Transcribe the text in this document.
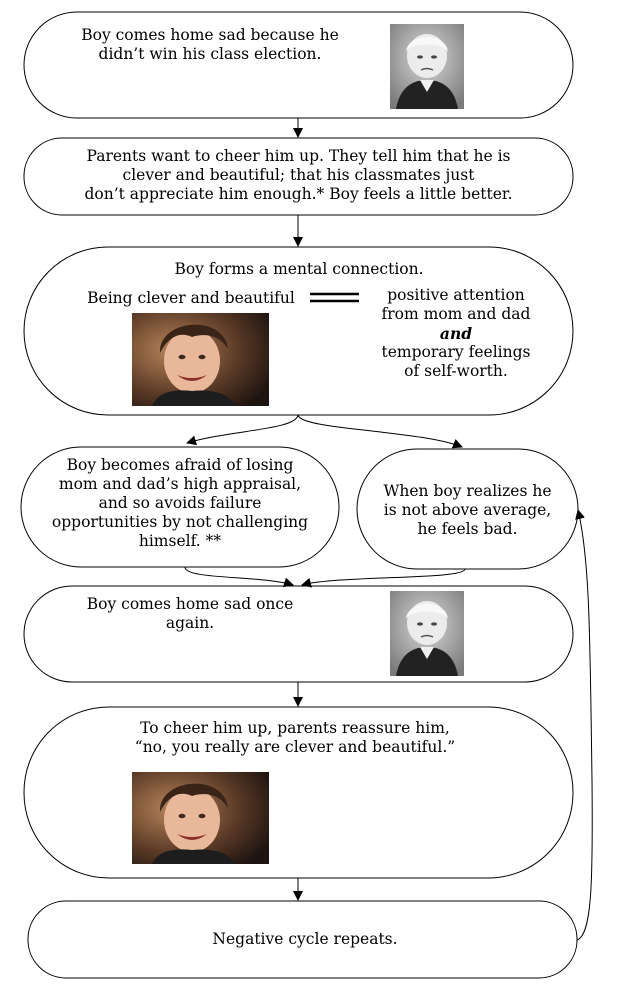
Boy comes home sad because he
didn’t win his class election.
Parents want to cheer him up. They tell him that he is
clever and beautiful; that his classmates just
don’t appreciate him enough.* Boy feels a little better.
Boy forms a mental connection.
Being clever and beautiful	positive attention
from mom and dad
and
temporary feelings
of self-worth.
Boy becomes afraid of losing
mom and dad’s high appraisal,
and so avoids failure
opportunities by not challenging
himself. **
When boy realizes he
is not above average,
he feels bad.
Boy comes home sad once
again.
To cheer him up, parents reassure him,
“no, you really are clever and beautiful.”
Negative cycle repeats.
